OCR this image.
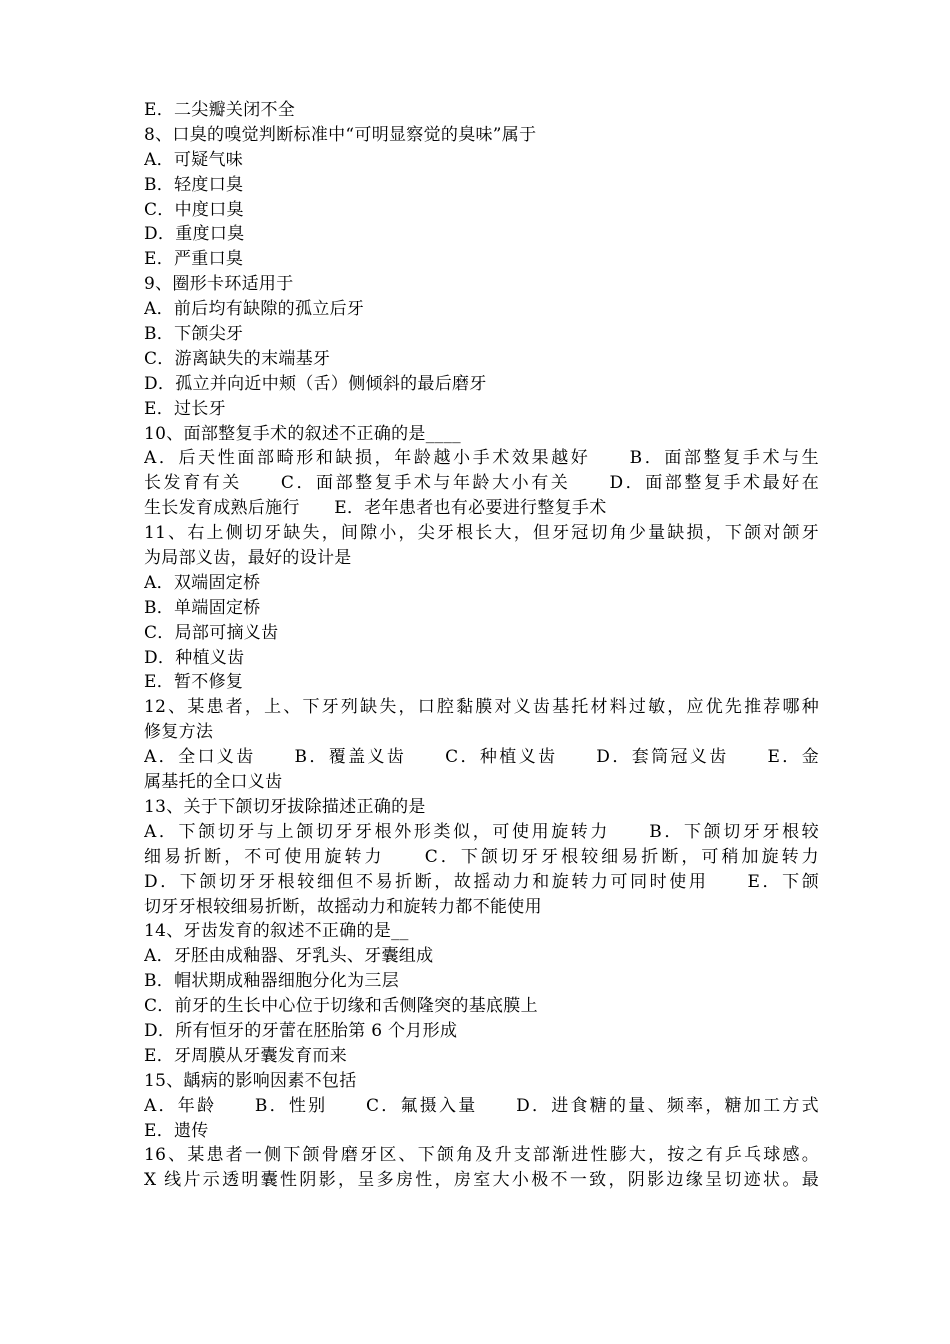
E．二尖瓣关闭不全
8、口臭的嗅觉判断标准中“可明显察觉的臭味”属于
A．可疑气味
B．轻度口臭
C．中度口臭
D．重度口臭
E．严重口臭
9、圈形卡环适用于
A．前后均有缺隙的孤立后牙
B．下颌尖牙
C．游离缺失的末端基牙
D．孤立并向近中颊（舌）侧倾斜的最后磨牙
E．过长牙
10、面部整复手术的叙述不正确的是____
A．后天性面部畸形和缺损，年龄越小手术效果越好　　B．面部整复手术与生
长发育有关　　C．面部整复手术与年龄大小有关　　D．面部整复手术最好在
生长发育成熟后施行　　E．老年患者也有必要进行整复手术
11、右上侧切牙缺失，间隙小，尖牙根长大，但牙冠切角少量缺损，下颌对颌牙
为局部义齿，最好的设计是
A．双端固定桥
B．单端固定桥
C．局部可摘义齿
D．种植义齿
E．暂不修复
12、某患者，上、下牙列缺失，口腔黏膜对义齿基托材料过敏，应优先推荐哪种
修复方法
A．全口义齿　　B．覆盖义齿　　C．种植义齿　　D．套筒冠义齿　　E．金
属基托的全口义齿
13、关于下颌切牙拔除描述正确的是
A．下颌切牙与上颌切牙牙根外形类似，可使用旋转力　　B．下颌切牙牙根较
细易折断，不可使用旋转力　　C．下颌切牙牙根较细易折断，可稍加旋转力
D．下颌切牙牙根较细但不易折断，故摇动力和旋转力可同时使用　　E．下颌
切牙牙根较细易折断，故摇动力和旋转力都不能使用
14、牙齿发育的叙述不正确的是__
A．牙胚由成釉器、牙乳头、牙囊组成
B．帽状期成釉器细胞分化为三层
C．前牙的生长中心位于切缘和舌侧隆突的基底膜上
D．所有恒牙的牙蕾在胚胎第 6 个月形成
E．牙周膜从牙囊发育而来
15、龋病的影响因素不包括
A．年龄　　B．性别　　C．氟摄入量　　D．进食糖的量、频率，糖加工方式
E．遗传
16、某患者一侧下颌骨磨牙区、下颌角及升支部渐进性膨大，按之有乒乓球感。
X 线片示透明囊性阴影，呈多房性，房室大小极不一致，阴影边缘呈切迹状。最
